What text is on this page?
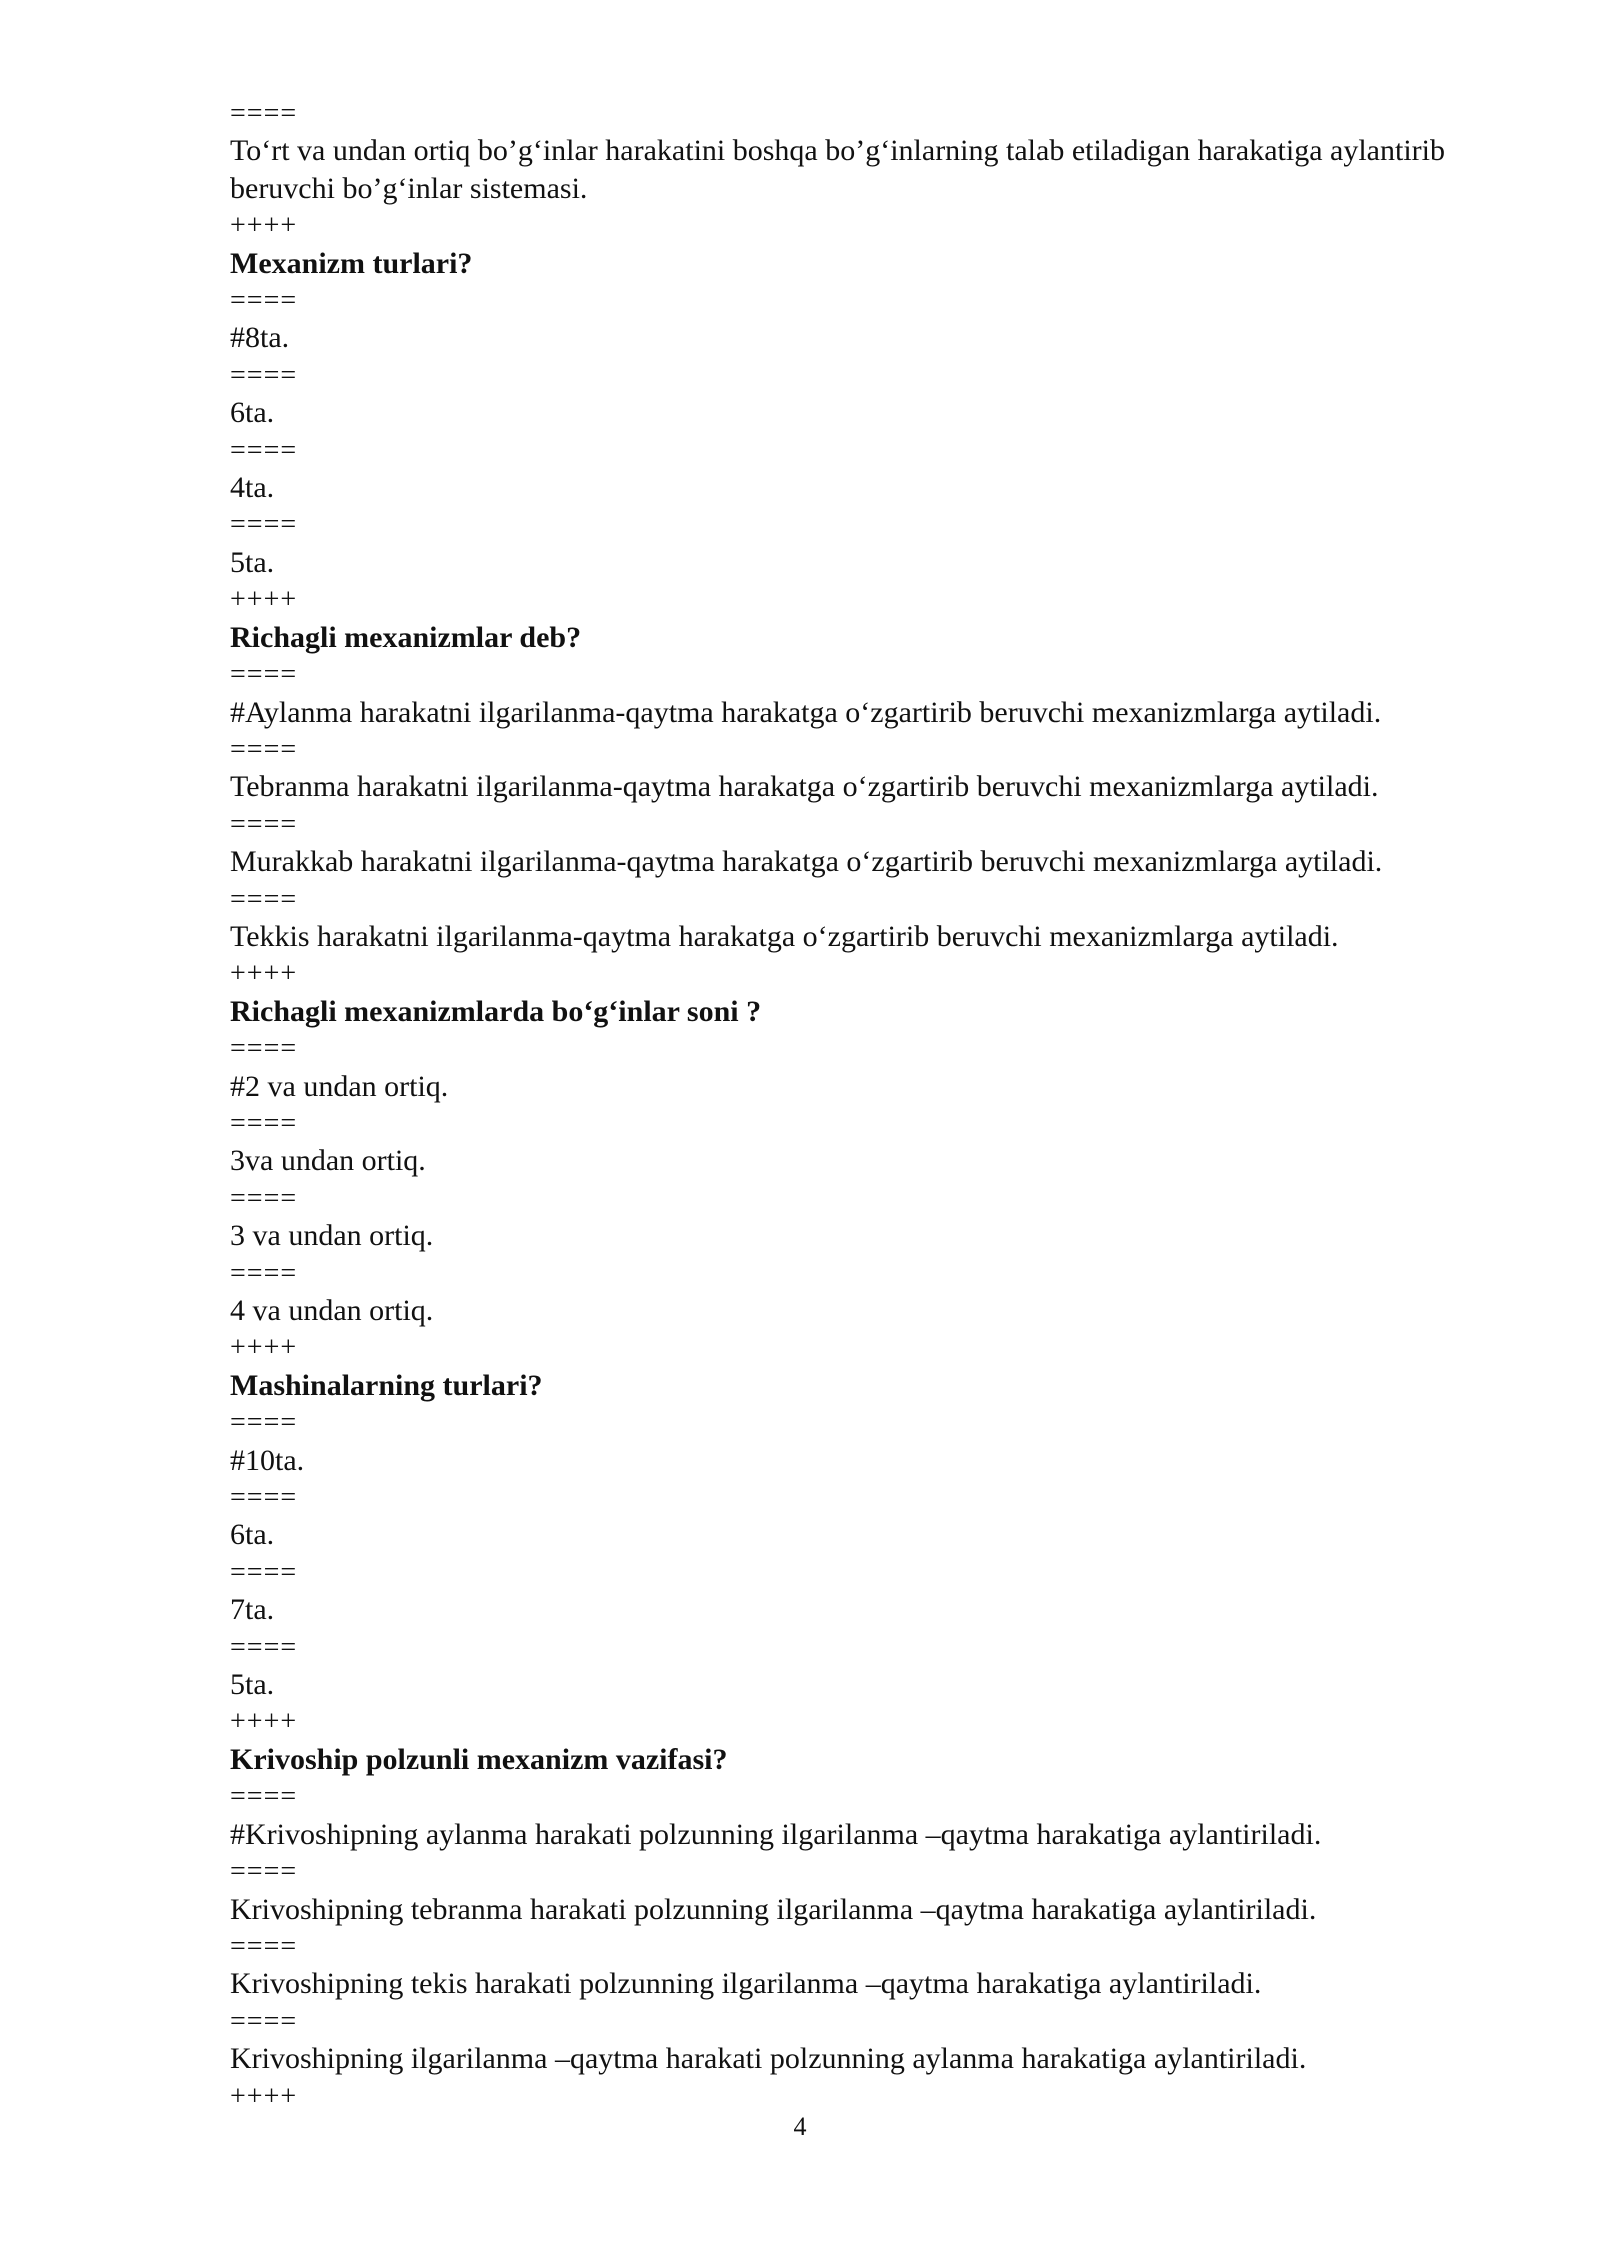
====

To‘rt va undan ortiq bo’g‘inlar harakatini boshqa bo’g‘inlarning talab etiladigan harakatiga aylantirib beruvchi bo’g‘inlar sistemasi.

++++

Mexanizm turlari?

====

#8ta.

====

6ta.

====

4ta.

====

5ta.

++++

Richagli mexanizmlar deb?

====

#Aylanma harakatni ilgarilanma-qaytma harakatga o‘zgartirib beruvchi mexanizmlarga aytiladi.

====

Tebranma harakatni ilgarilanma-qaytma harakatga o‘zgartirib beruvchi mexanizmlarga aytiladi.

====

Murakkab harakatni ilgarilanma-qaytma harakatga o‘zgartirib beruvchi mexanizmlarga aytiladi.

====

Tekkis harakatni ilgarilanma-qaytma harakatga o‘zgartirib beruvchi mexanizmlarga aytiladi.

++++

Richagli mexanizmlarda bo‘g‘inlar soni ?

====

#2 va undan ortiq.

====

3va undan ortiq.

====

3 va undan ortiq.

====

4 va undan ortiq.

++++

Mashinalarning turlari?

====

#10ta.

====

6ta.

====

7ta.

====

5ta.

++++

Krivoship polzunli mexanizm vazifasi?

====

#Krivoshipning aylanma harakati polzunning ilgarilanma –qaytma harakatiga aylantiriladi.

====

Krivoshipning tebranma harakati polzunning ilgarilanma –qaytma harakatiga aylantiriladi.

====

Krivoshipning tekis harakati polzunning ilgarilanma –qaytma harakatiga aylantiriladi.

====

Krivoshipning ilgarilanma –qaytma harakati polzunning aylanma harakatiga aylantiriladi.

++++

4
